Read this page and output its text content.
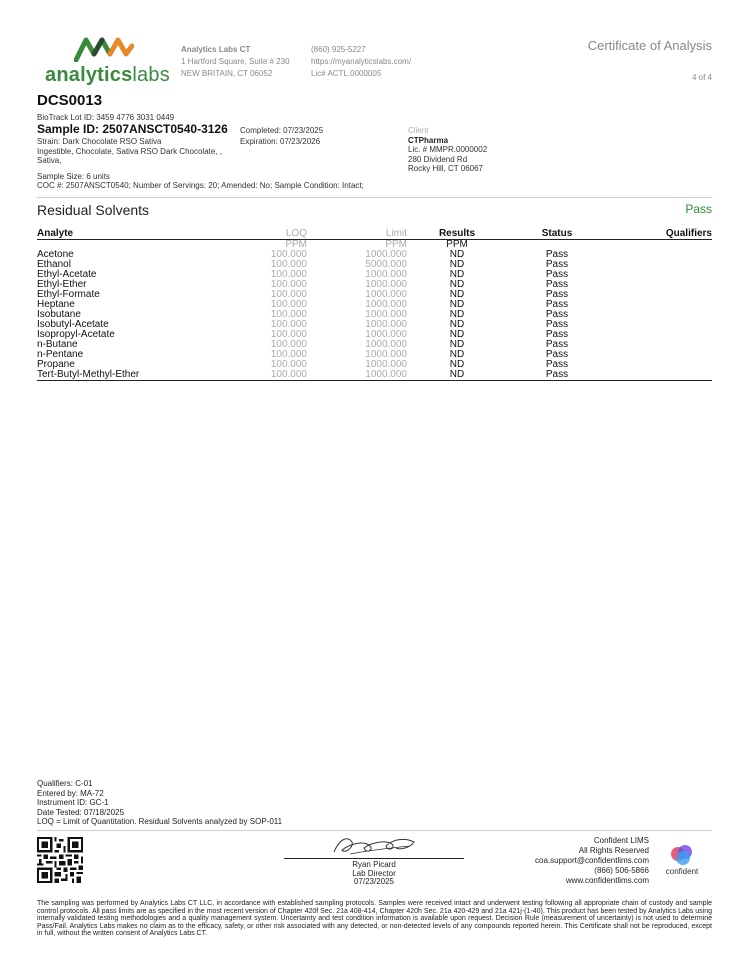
analyticslabs
Analytics Labs CT
1 Hartford Square, Suite # 230
NEW BRITAIN, CT 06052
(860) 925-5227
https://myanalyticslabs.com/
Lic# ACTL.0000005
Certificate of Analysis
4 of 4
DCS0013
BioTrack Lot ID: 3459 4776 3031 0449
Sample ID: 2507ANSCT0540-3126
Strain: Dark Chocolate RSO Sativa
Ingestible, Chocolate, Sativa RSO Dark Chocolate, ,
Sativa,
Completed: 07/23/2025
Expiration: 07/23/2026
Client
CTPharma
Lic. # MMPR.0000002
280 Dividend Rd
Rocky Hill, CT 06067
Sample Size: 6 units
COC #: 2507ANSCT0540; Number of Servings: 20; Amended: No; Sample Condition: Intact;
Residual Solvents	Pass
Analyte	LOQ	Limit	Results	Status	Qualifiers
	PPM	PPM	PPM		
Acetone	100.000	1000.000	ND	Pass	
Ethanol	100.000	5000.000	ND	Pass	
Ethyl-Acetate	100.000	1000.000	ND	Pass	
Ethyl-Ether	100.000	1000.000	ND	Pass	
Ethyl-Formate	100.000	1000.000	ND	Pass	
Heptane	100.000	1000.000	ND	Pass	
Isobutane	100.000	1000.000	ND	Pass	
Isobutyl-Acetate	100.000	1000.000	ND	Pass	
Isopropyl-Acetate	100.000	1000.000	ND	Pass	
n-Butane	100.000	1000.000	ND	Pass	
n-Pentane	100.000	1000.000	ND	Pass	
Propane	100.000	1000.000	ND	Pass	
Tert-Butyl-Methyl-Ether	100.000	1000.000	ND	Pass	
Qualifiers: C-01
Entered by: MA-72
Instrument ID: GC-1
Date Tested: 07/18/2025
LOQ = Limit of Quantitation. Residual Solvents analyzed by SOP-011
Ryan Picard
Lab Director
07/23/2025
Confident LIMS
All Rights Reserved
coa.support@confidentlims.com
(866) 506-5866
www.confidentlims.com
confident
The sampling was performed by Analytics Labs CT LLC, in accordance with established sampling protocols. Samples were received intact and underwent testing following all appropriate chain of custody and sample control protocols. All pass limits are as specified in the most recent version of Chapter 420f Sec. 21a 408-414, Chapter 420h Sec. 21a 420-429 and 21a 421j-(1-40). This product has been tested by Analytics Labs using internally validated testing methodologies and a quality management system. Uncertainty and test condition information is available upon request. Decision Rule (measurement of uncertainty) is not used to determine Pass/Fail. Analytics Labs makes no claim as to the efficacy, safety, or other risk associated with any detected, or non-detected levels of any compounds reported herein. This Certificate shall not be reproduced, except in full, without the written consent of Analytics Labs CT.
